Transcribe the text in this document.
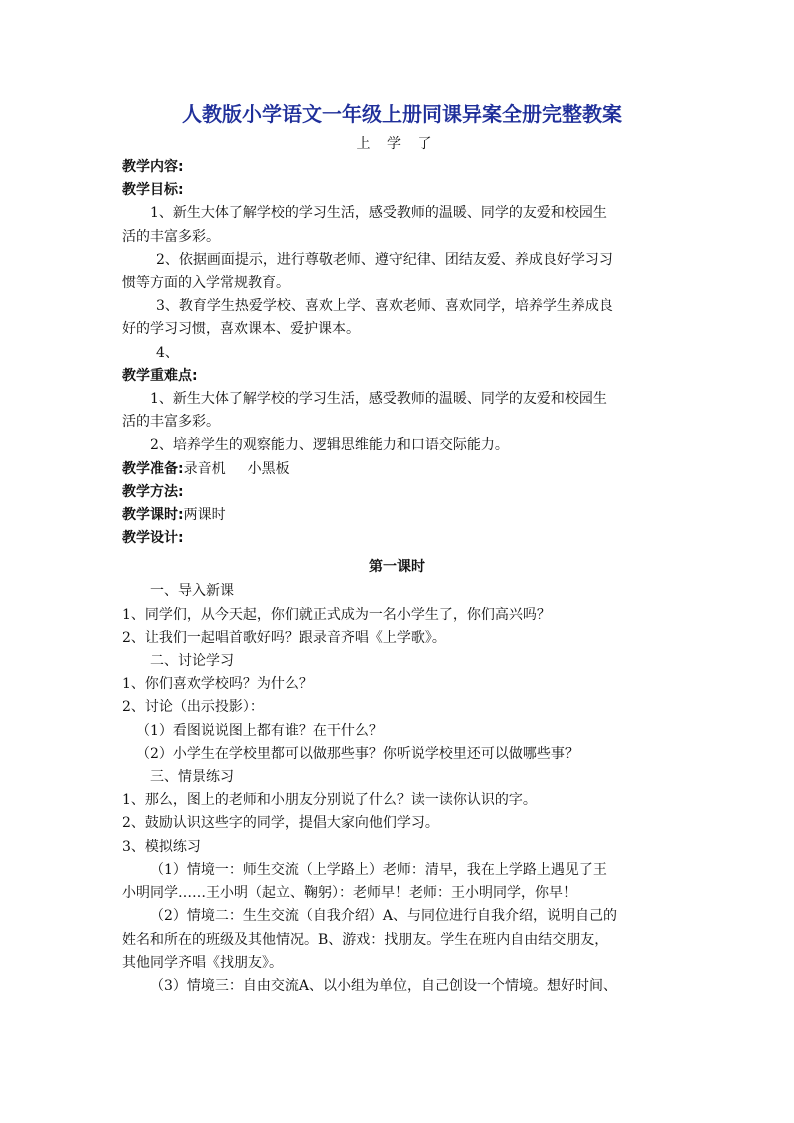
人教版小学语文一年级上册同课异案全册完整教案
上 学 了
教学内容:
教学目标:
1、新生大体了解学校的学习生活，感受教师的温暖、同学的友爱和校园生
活的丰富多彩。
2、依据画面提示，进行尊敬老师、遵守纪律、团结友爱、养成良好学习习
惯等方面的入学常规教育。
3、教育学生热爱学校、喜欢上学、喜欢老师、喜欢同学，培养学生养成良
好的学习习惯，喜欢课本、爱护课本。
4、
教学重难点:
1、新生大体了解学校的学习生活，感受教师的温暖、同学的友爱和校园生
活的丰富多彩。
2、培养学生的观察能力、逻辑思维能力和口语交际能力。
教学准备:录音机 小黑板
教学方法:
教学课时:两课时
教学设计:
第一课时
一、导入新课
1、同学们，从今天起，你们就正式成为一名小学生了，你们高兴吗？
2、让我们一起唱首歌好吗？跟录音齐唱《上学歌》。
二、讨论学习
1、你们喜欢学校吗？为什么？
2、讨论（出示投影）：
（1）看图说说图上都有谁？在干什么？
（2）小学生在学校里都可以做那些事？你听说学校里还可以做哪些事？
三、情景练习
1、那么，图上的老师和小朋友分别说了什么？读一读你认识的字。
2、鼓励认识这些字的同学，提倡大家向他们学习。
3、模拟练习
（1）情境一：师生交流（上学路上）老师：清早，我在上学路上遇见了王
小明同学……王小明（起立、鞠躬）：老师早！老师：王小明同学，你早！
（2）情境二：生生交流（自我介绍）A、与同位进行自我介绍，说明自己的
姓名和所在的班级及其他情况。B、游戏：找朋友。学生在班内自由结交朋友，
其他同学齐唱《找朋友》。
（3）情境三：自由交流A、以小组为单位，自己创设一个情境。想好时间、
